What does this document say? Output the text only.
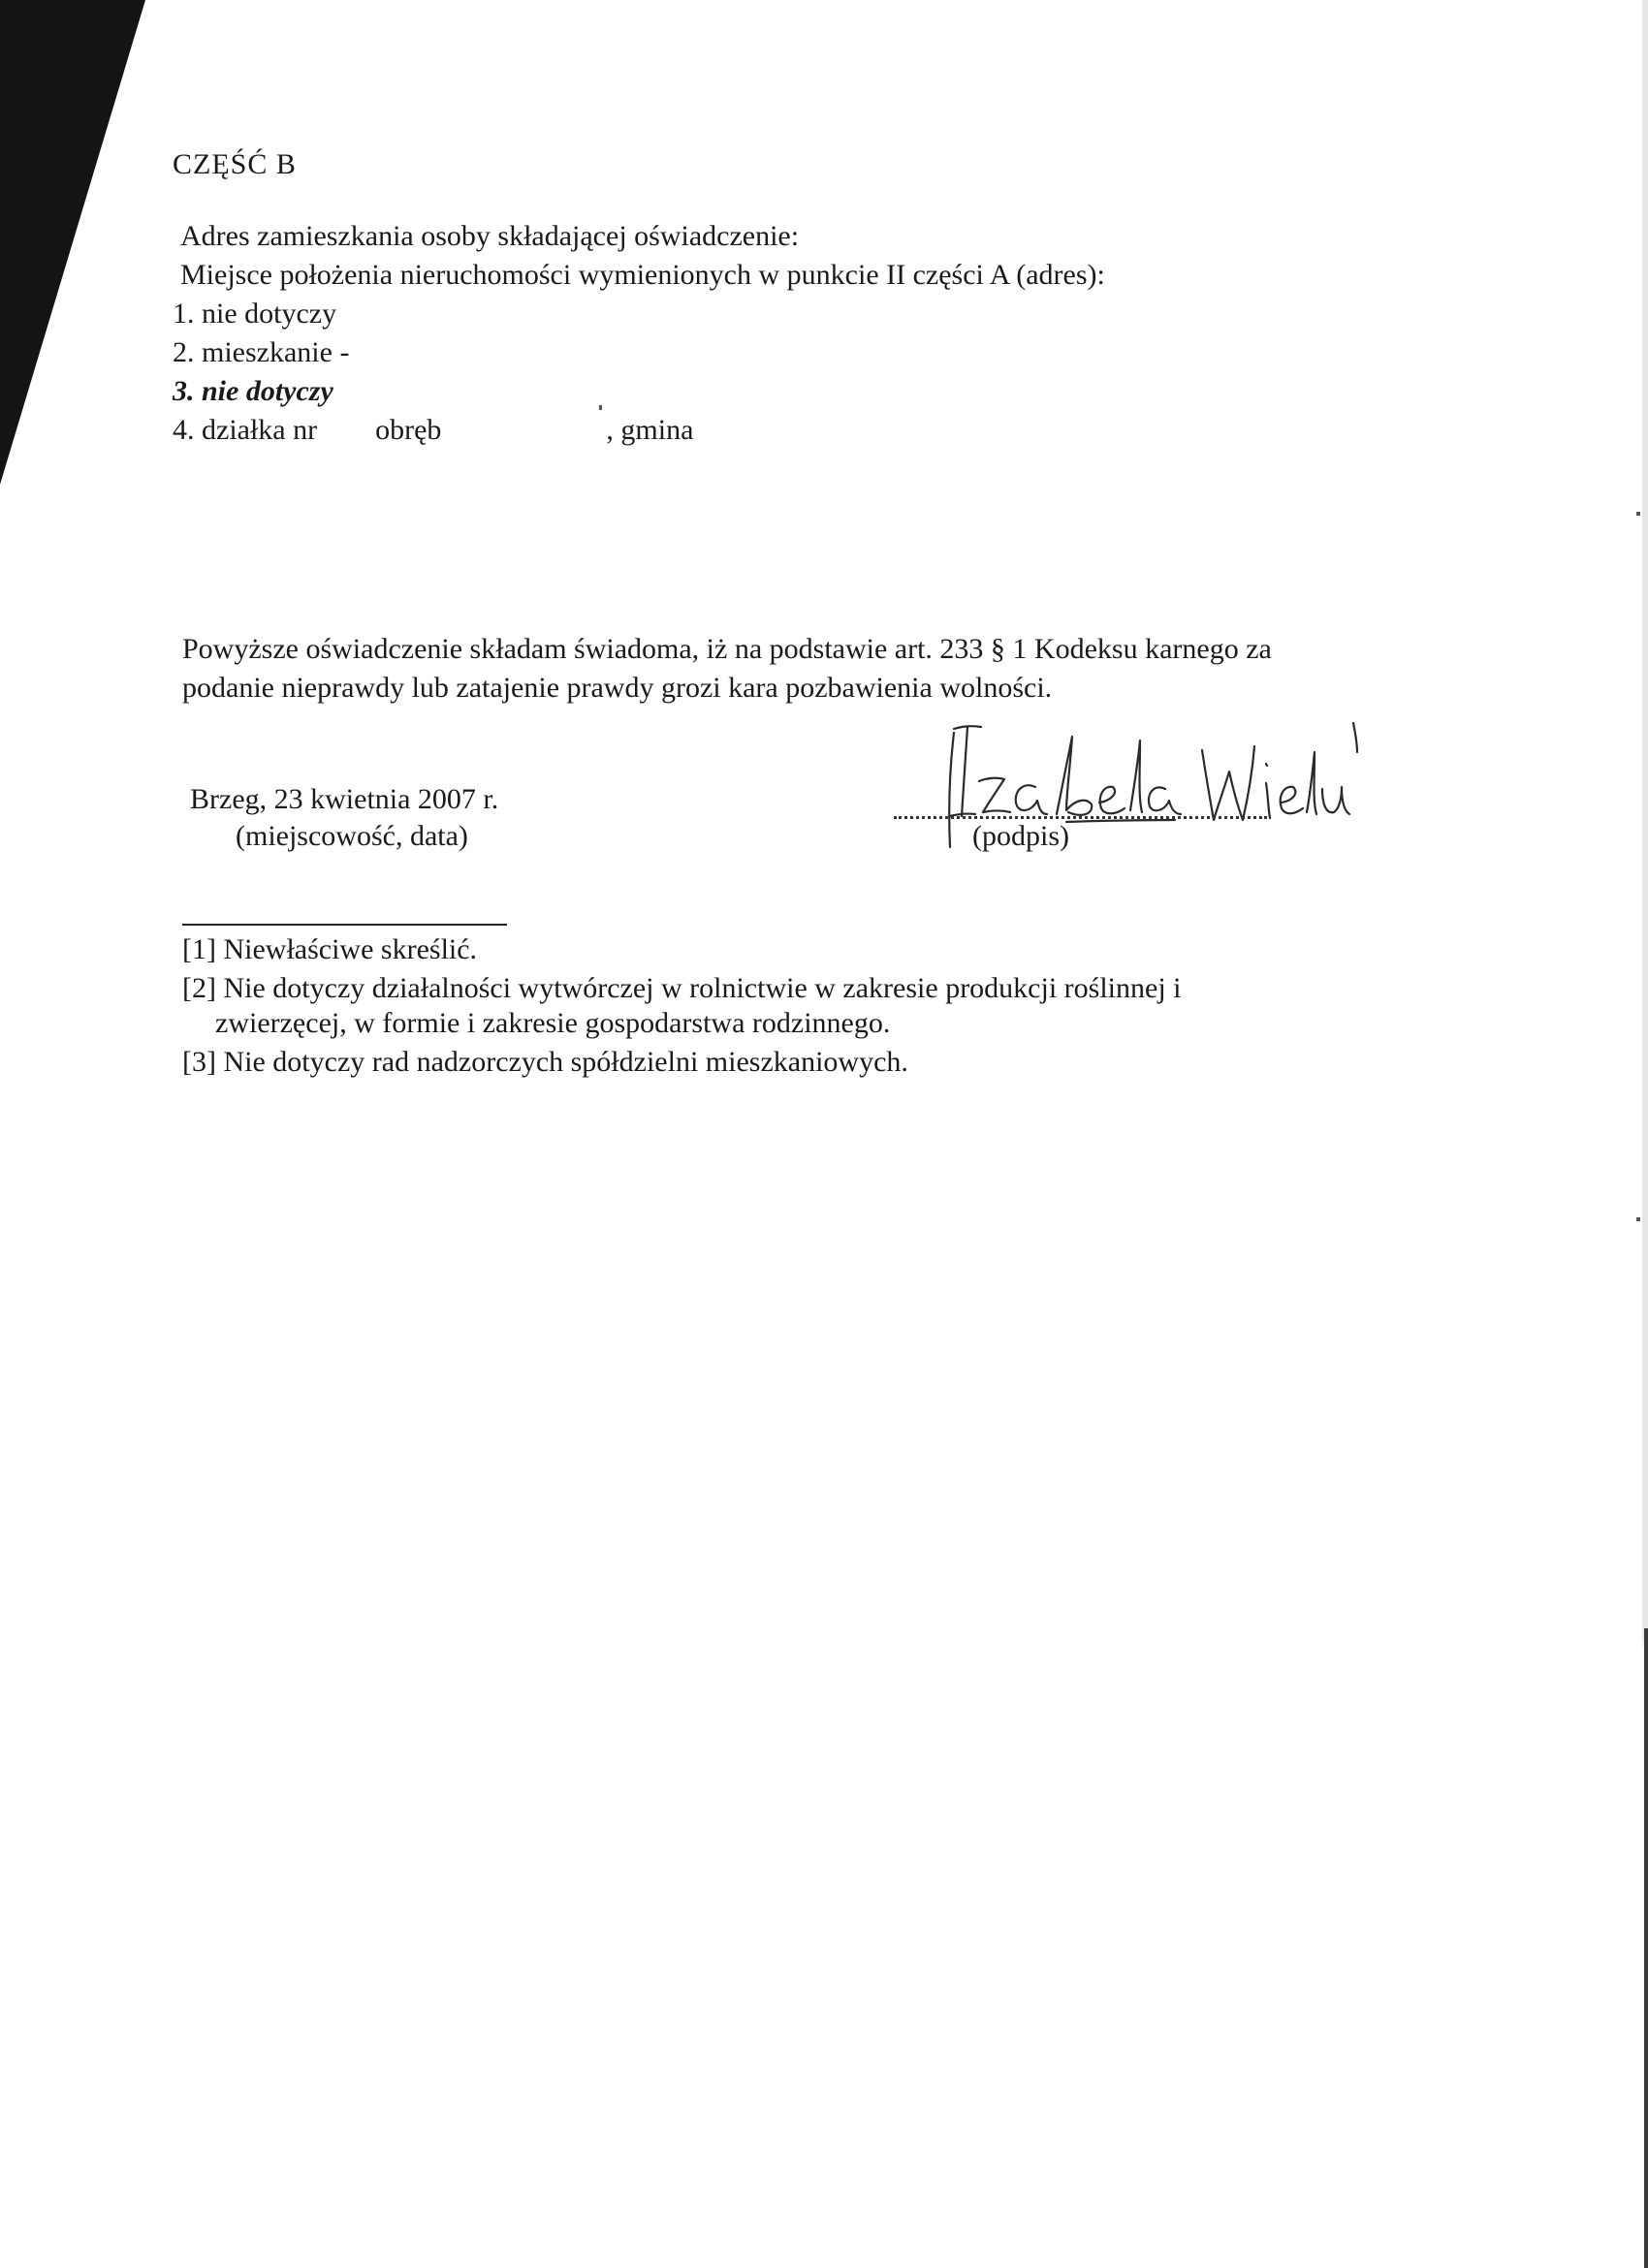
CZĘŚĆ B
Adres zamieszkania osoby składającej oświadczenie:
Miejsce położenia nieruchomości wymienionych w punkcie II części A (adres):
1. nie dotyczy
2. mieszkanie -
3. nie dotyczy
4. działka nr obręb	, gmina
Powyższe oświadczenie składam świadoma, iż na podstawie art. 233 § 1 Kodeksu karnego za
podanie nieprawdy lub zatajenie prawdy grozi kara pozbawienia wolności.
Brzeg, 23 kwietnia 2007 r.
(miejscowość, data)	(podpis)
[1] Niewłaściwe skreślić.
[2] Nie dotyczy działalności wytwórczej w rolnictwie w zakresie produkcji roślinnej i
zwierzęcej, w formie i zakresie gospodarstwa rodzinnego.
[3] Nie dotyczy rad nadzorczych spółdzielni mieszkaniowych.
